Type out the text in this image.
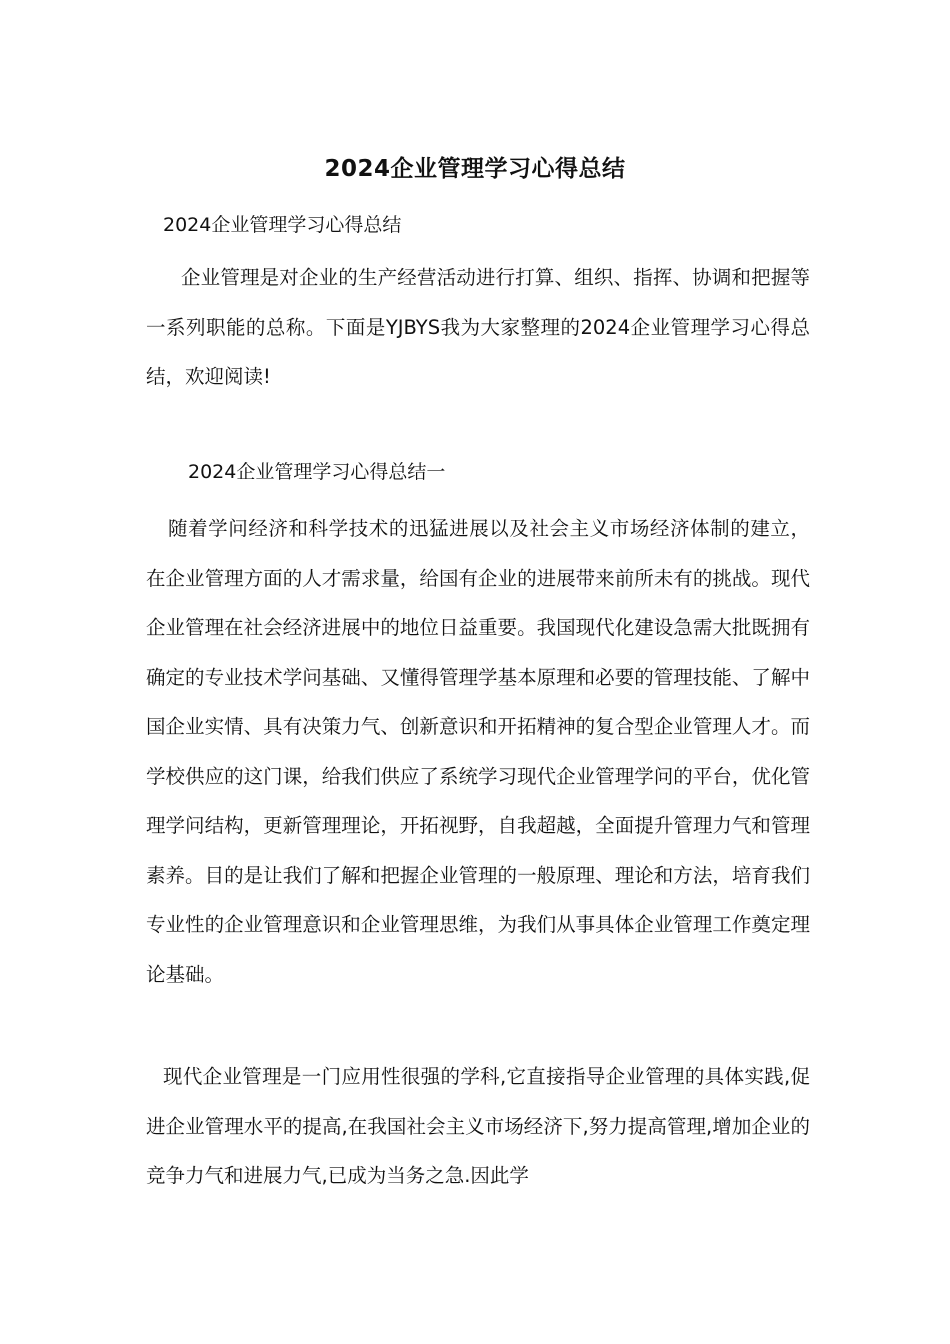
2024企业管理学习心得总结
2024企业管理学习心得总结

企业管理是对企业的生产经营活动进行打算、组织、指挥、协调和把握等一系列职能的总称。下面是YJBYS我为大家整理的2024企业管理学习心得总结，欢迎阅读!

2024企业管理学习心得总结一

随着学问经济和科学技术的迅猛进展以及社会主义市场经济体制的建立，在企业管理方面的人才需求量，给国有企业的进展带来前所未有的挑战。现代企业管理在社会经济进展中的地位日益重要。我国现代化建设急需大批既拥有确定的专业技术学问基础、又懂得管理学基本原理和必要的管理技能、了解中国企业实情、具有决策力气、创新意识和开拓精神的复合型企业管理人才。而学校供应的这门课，给我们供应了系统学习现代企业管理学问的平台，优化管理学问结构，更新管理理论，开拓视野，自我超越，全面提升管理力气和管理素养。目的是让我们了解和把握企业管理的一般原理、理论和方法，培育我们专业性的企业管理意识和企业管理思维，为我们从事具体企业管理工作奠定理论基础。

现代企业管理是一门应用性很强的学科,它直接指导企业管理的具体实践,促进企业管理水平的提高,在我国社会主义市场经济下,努力提高管理,增加企业的竞争力气和进展力气,已成为当务之急.因此学
